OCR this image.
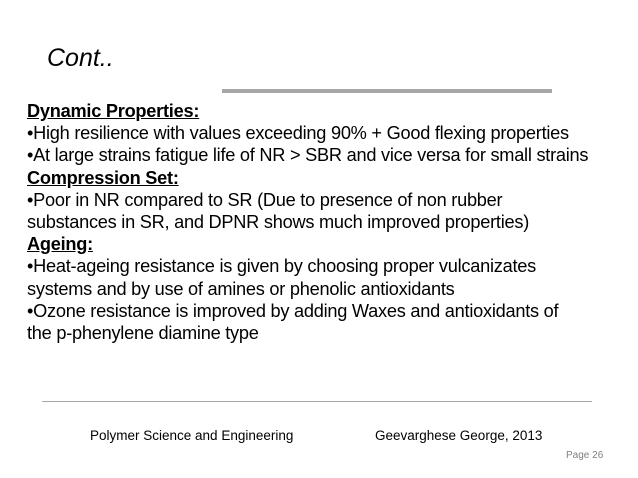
Cont..
Dynamic Properties:
•High resilience with values exceeding 90% + Good flexing properties
•At large strains fatigue life of NR > SBR and vice versa for small strains
Compression Set:
•Poor in NR compared to SR (Due to presence of non rubber
substances in SR, and DPNR shows much improved properties)
Ageing:
•Heat-ageing resistance is given by choosing proper vulcanizates
systems and by use of amines or phenolic antioxidants
•Ozone resistance is improved by adding Waxes and antioxidants of
the p-phenylene diamine type
Polymer Science and Engineering	Geevarghese George, 2013
Page 26
